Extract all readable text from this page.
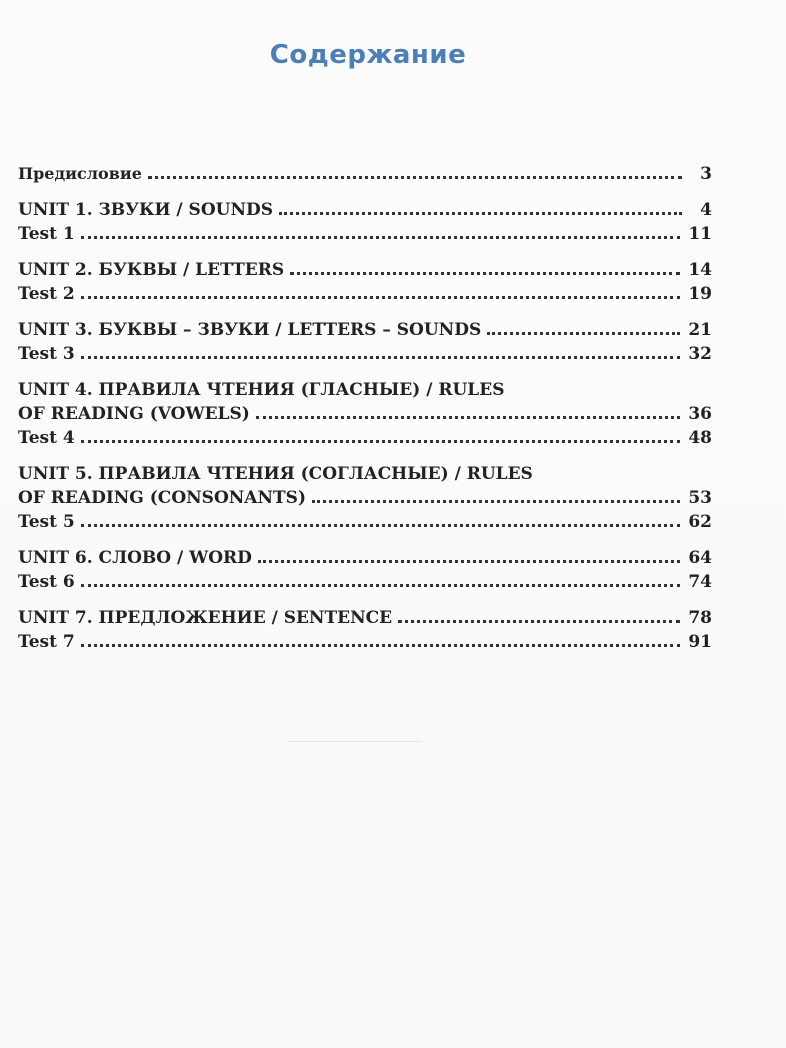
Содержание
Предисловие	3
UNIT 1. ЗВУКИ / SOUNDS	4
Test 1	11
UNIT 2. БУКВЫ / LETTERS	14
Test 2	19
UNIT 3. БУКВЫ – ЗВУКИ / LETTERS – SOUNDS	21
Test 3	32
UNIT 4. ПРАВИЛА ЧТЕНИЯ (ГЛАСНЫЕ) / RULES
OF READING (VOWELS)	36
Test 4	48
UNIT 5. ПРАВИЛА ЧТЕНИЯ (СОГЛАСНЫЕ) / RULES
OF READING (CONSONANTS)	53
Test 5	62
UNIT 6. СЛОВО / WORD	64
Test 6	74
UNIT 7. ПРЕДЛОЖЕНИЕ / SENTENCE	78
Test 7	91
